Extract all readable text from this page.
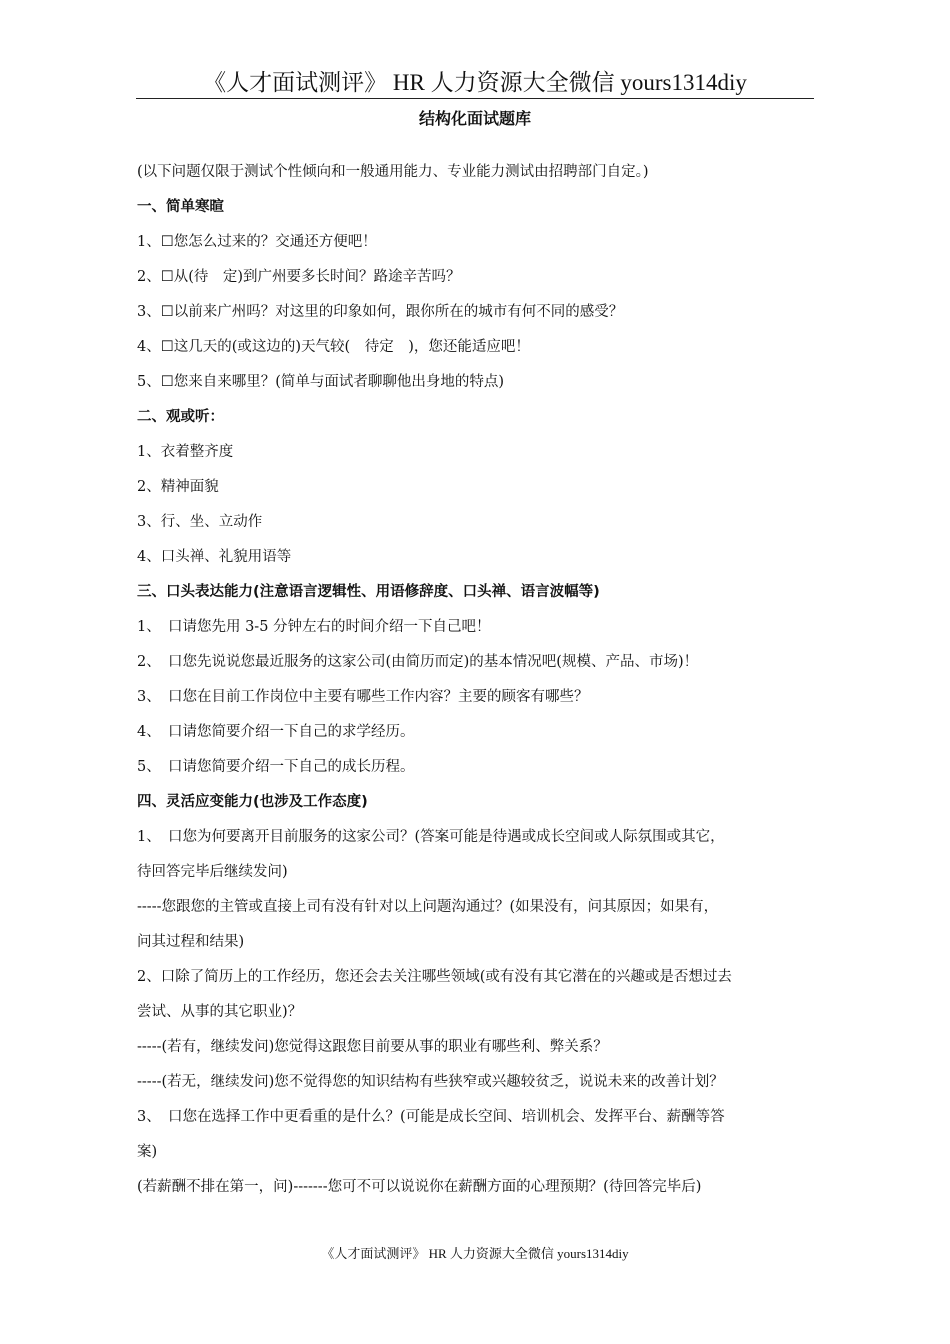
《人才面试测评》 HR 人力资源大全微信 yours1314diy
结构化面试题库
(以下问题仅限于测试个性倾向和一般通用能力、专业能力测试由招聘部门自定。)
一、简单寒暄
1、☐您怎么过来的？交通还方便吧！
2、☐从(待　定)到广州要多长时间？路途辛苦吗？
3、☐以前来广州吗？对这里的印象如何，跟你所在的城市有何不同的感受？
4、☐这几天的(或这边的)天气较(　待定　)，您还能适应吧！
5、☐您来自来哪里？(简单与面试者聊聊他出身地的特点)
二、观或听：
1、衣着整齐度
2、精神面貌
3、行、坐、立动作
4、口头禅、礼貌用语等
三、口头表达能力(注意语言逻辑性、用语修辞度、口头禅、语言波幅等)
1、　口请您先用 3-5 分钟左右的时间介绍一下自己吧！
2、　口您先说说您最近服务的这家公司(由简历而定)的基本情况吧(规模、产品、市场)！
3、　口您在目前工作岗位中主要有哪些工作内容？主要的顾客有哪些？
4、　口请您简要介绍一下自己的求学经历。
5、　口请您简要介绍一下自己的成长历程。
四、灵活应变能力(也涉及工作态度)
1、　口您为何要离开目前服务的这家公司？(答案可能是待遇或成长空间或人际氛围或其它，
待回答完毕后继续发问)
-----您跟您的主管或直接上司有没有针对以上问题沟通过？(如果没有，问其原因；如果有，
问其过程和结果)
2、口除了简历上的工作经历，您还会去关注哪些领域(或有没有其它潜在的兴趣或是否想过去
尝试、从事的其它职业)？
-----(若有，继续发问)您觉得这跟您目前要从事的职业有哪些利、弊关系？
-----(若无，继续发问)您不觉得您的知识结构有些狭窄或兴趣较贫乏，说说未来的改善计划？
3、　口您在选择工作中更看重的是什么？(可能是成长空间、培训机会、发挥平台、薪酬等答
案)
(若薪酬不排在第一，问)-------您可不可以说说你在薪酬方面的心理预期？(待回答完毕后)
《人才面试测评》 HR 人力资源大全微信 yours1314diy
